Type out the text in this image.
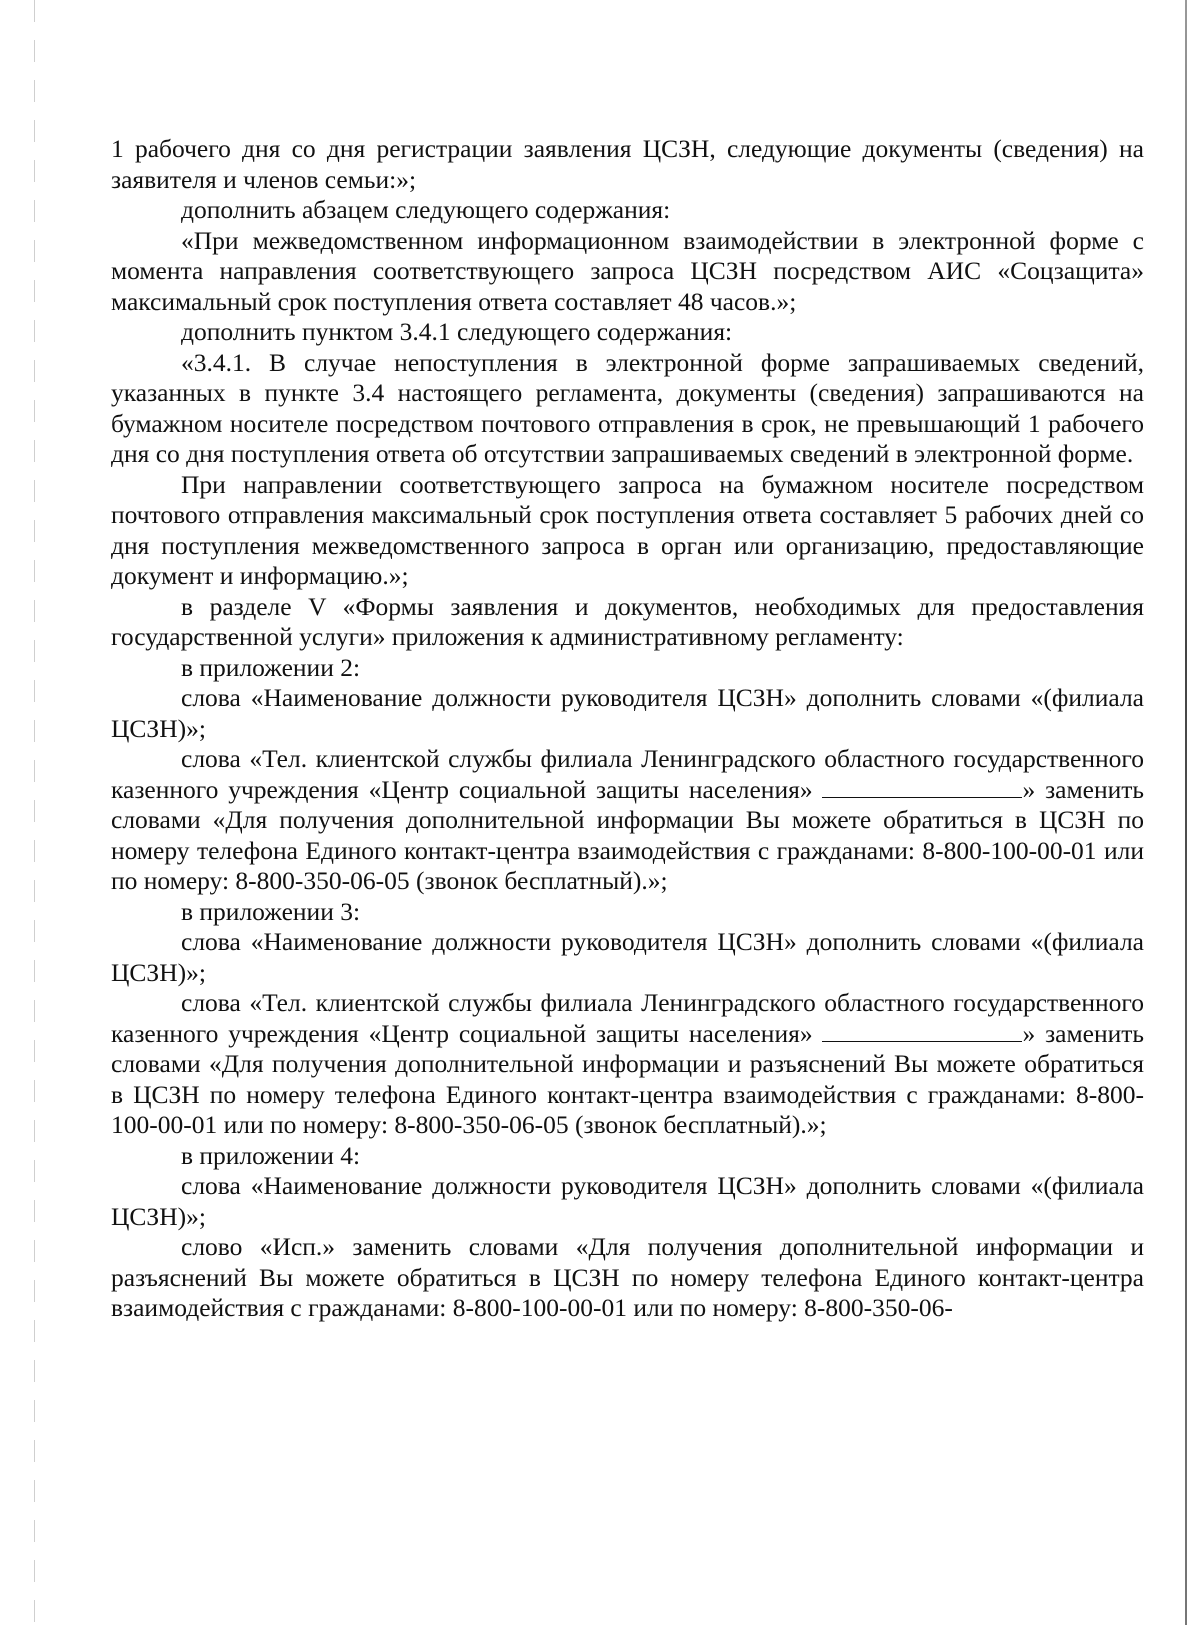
1 рабочего дня со дня регистрации заявления ЦСЗН, следующие документы (сведения) на заявителя и членов семьи:»;

дополнить абзацем следующего содержания:

«При межведомственном информационном взаимодействии в электронной форме с момента направления соответствующего запроса ЦСЗН посредством АИС «Соцзащита» максимальный срок поступления ответа составляет 48 часов.»;

дополнить пунктом 3.4.1 следующего содержания:

«3.4.1. В случае непоступления в электронной форме запрашиваемых сведений, указанных в пункте 3.4 настоящего регламента, документы (сведения) запрашиваются на бумажном носителе посредством почтового отправления в срок, не превышающий 1 рабочего дня со дня поступления ответа об отсутствии запрашиваемых сведений в электронной форме.

При направлении соответствующего запроса на бумажном носителе посредством почтового отправления максимальный срок поступления ответа составляет 5 рабочих дней со дня поступления межведомственного запроса в орган или организацию, предоставляющие документ и информацию.»;

в разделе V «Формы заявления и документов, необходимых для предоставления государственной услуги» приложения к административному регламенту:

в приложении 2:

слова «Наименование должности руководителя ЦСЗН» дополнить словами «(филиала ЦСЗН)»;

слова «Тел. клиентской службы филиала Ленинградского областного государственного казенного учреждения «Центр социальной защиты населения»	» заменить словами «Для получения дополнительной информации Вы можете обратиться в ЦСЗН по номеру телефона Единого контакт-центра взаимодействия с гражданами: 8-800-100-00-01 или по номеру: 8-800-350-06-05 (звонок бесплатный).»;

в приложении 3:

слова «Наименование должности руководителя ЦСЗН» дополнить словами «(филиала ЦСЗН)»;

слова «Тел. клиентской службы филиала Ленинградского областного государственного казенного учреждения «Центр социальной защиты населения»	» заменить словами «Для получения дополнительной информации и разъяснений Вы можете обратиться в ЦСЗН по номеру телефона Единого контакт-центра взаимодействия с гражданами: 8-800-100-00-01 или по номеру: 8-800-350-06-05 (звонок бесплатный).»;

в приложении 4:

слова «Наименование должности руководителя ЦСЗН» дополнить словами «(филиала ЦСЗН)»;

слово «Исп.» заменить словами «Для получения дополнительной информации и разъяснений Вы можете обратиться в ЦСЗН по номеру телефона Единого контакт-центра взаимодействия с гражданами: 8-800-100-00-01 или по номеру: 8-800-350-06-
